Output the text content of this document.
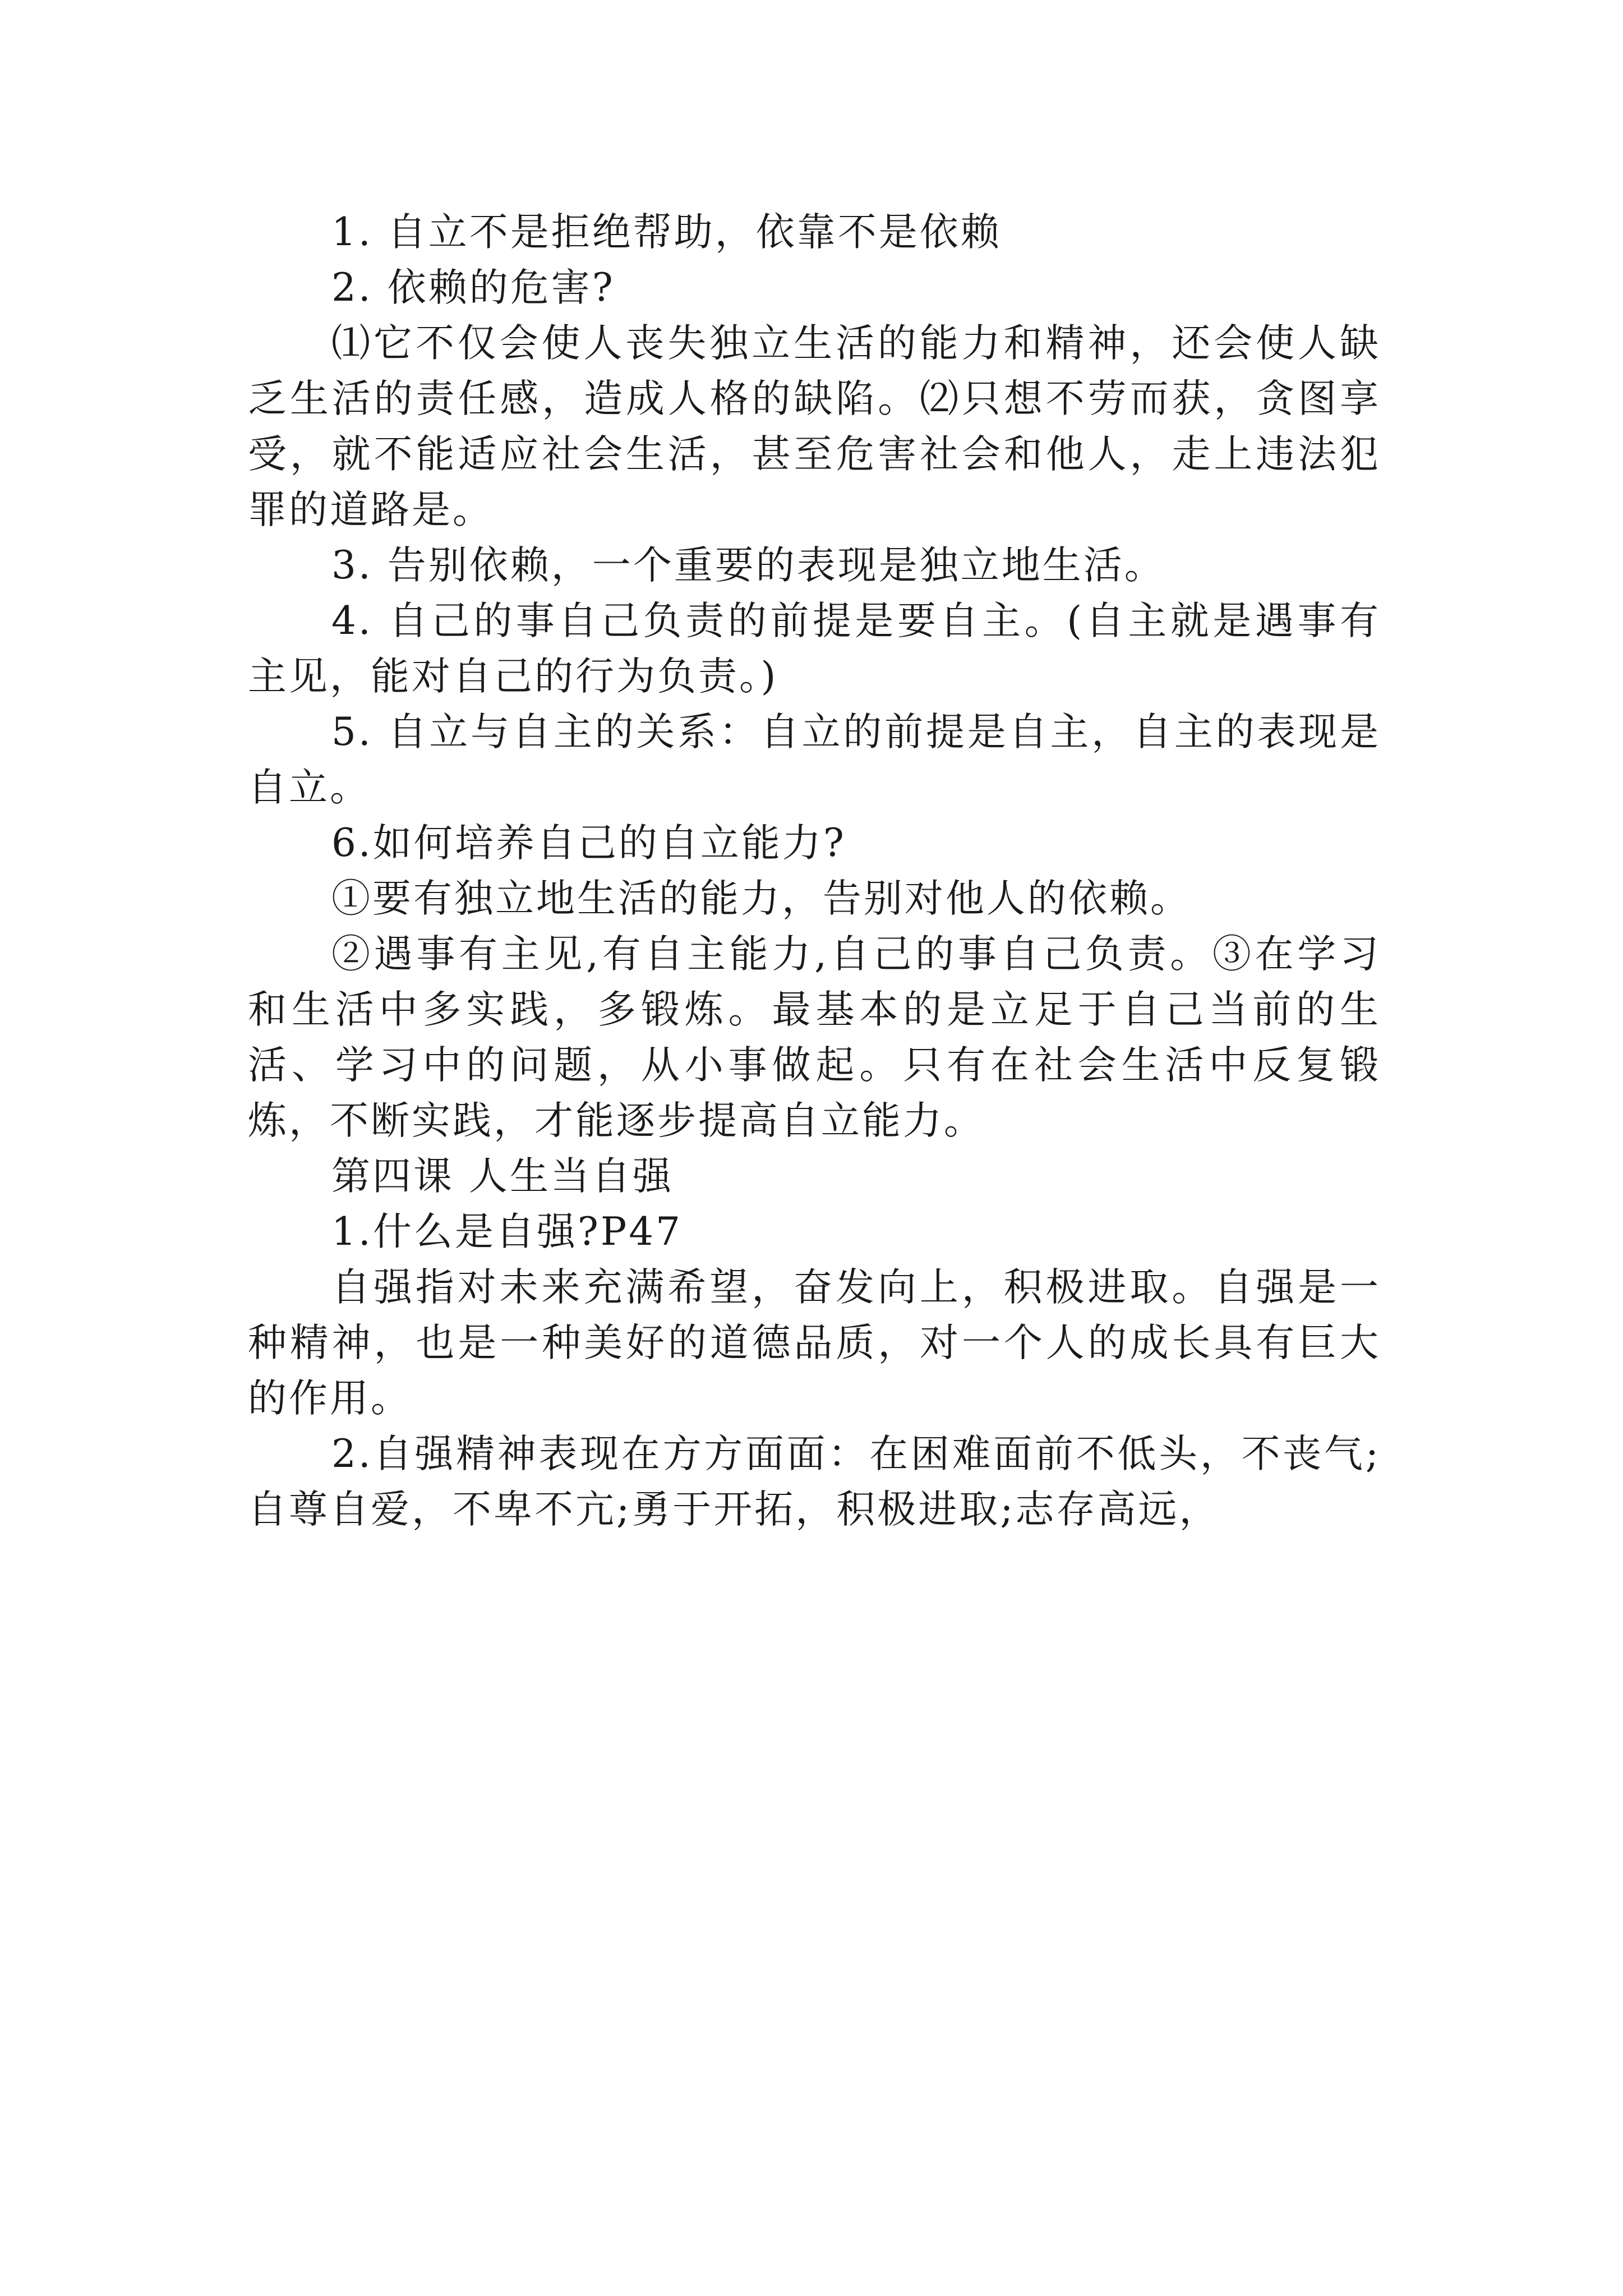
1. 自立不是拒绝帮助，依靠不是依赖

2. 依赖的危害?

⑴它不仅会使人丧失独立生活的能力和精神，还会使人缺乏生活的责任感，造成人格的缺陷。⑵只想不劳而获，贪图享受，就不能适应社会生活，甚至危害社会和他人，走上违法犯罪的道路是。

3. 告别依赖，一个重要的表现是独立地生活。

4. 自己的事自己负责的前提是要自主。(自主就是遇事有主见，能对自己的行为负责。)

5. 自立与自主的关系：自立的前提是自主，自主的表现是自立。

6.如何培养自己的自立能力?

①要有独立地生活的能力，告别对他人的依赖。

②遇事有主见,有自主能力,自己的事自己负责。③在学习和生活中多实践，多锻炼。最基本的是立足于自己当前的生活、学习中的问题，从小事做起。只有在社会生活中反复锻炼，不断实践，才能逐步提高自立能力。

第四课 人生当自强

1.什么是自强?P47

自强指对未来充满希望，奋发向上，积极进取。自强是一种精神，也是一种美好的道德品质，对一个人的成长具有巨大的作用。

2.自强精神表现在方方面面：在困难面前不低头，不丧气;自尊自爱，不卑不亢;勇于开拓，积极进取;志存高远，
